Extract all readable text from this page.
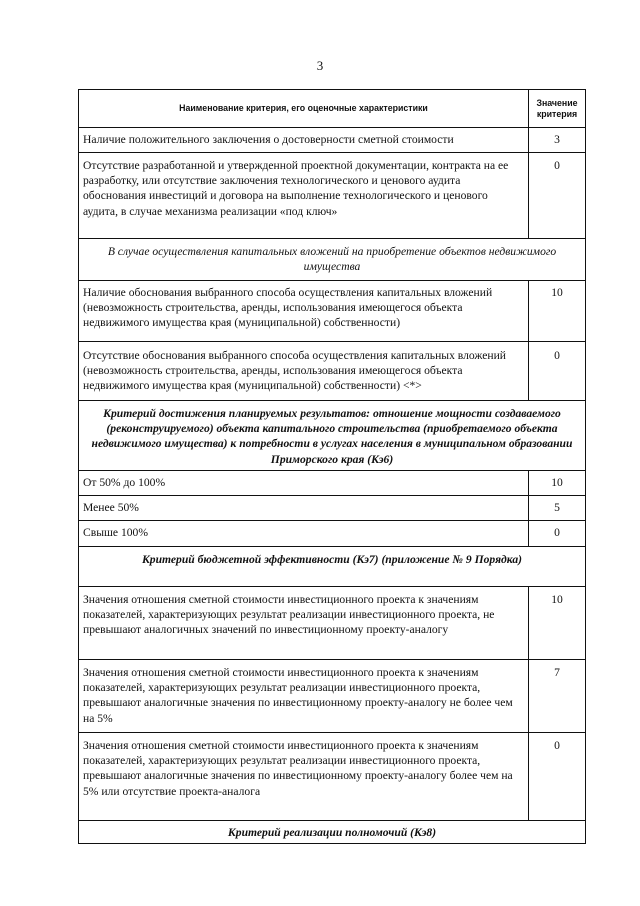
3
Наименование критерия, его оценочные характеристики	Значение критерия
Наличие положительного заключения о достоверности сметной стоимости	3
Отсутствие разработанной и утвержденной проектной документации, контракта на ее разработку, или отсутствие заключения технологического и ценового аудита обоснования инвестиций и договора на выполнение технологического и ценового аудита, в случае механизма реализации «под ключ»	0
В случае осуществления капитальных вложений на приобретение объектов недвижимого имущества	
Наличие обоснования выбранного способа осуществления капитальных вложений (невозможность строительства, аренды, использования имеющегося объекта недвижимого имущества края (муниципальной) собственности)	10
Отсутствие обоснования выбранного способа осуществления капитальных вложений (невозможность строительства, аренды, использования имеющегося объекта недвижимого имущества края (муниципальной) собственности) <*>	0
Критерий достижения планируемых результатов: отношение мощности создаваемого (реконструируемого) объекта капитального строительства (приобретаемого объекта недвижимого имущества) к потребности в услугах населения в муниципальном образовании Приморского края (Кэ6)	
От 50% до 100%	10
Менее 50%	5
Свыше 100%	0
Критерий бюджетной эффективности (Кэ7) (приложение № 9 Порядка)	
Значения отношения сметной стоимости инвестиционного проекта к значениям показателей, характеризующих результат реализации инвестиционного проекта, не превышают аналогичных значений по инвестиционному проекту-аналогу	10
Значения отношения сметной стоимости инвестиционного проекта к значениям показателей, характеризующих результат реализации инвестиционного проекта, превышают аналогичные значения по инвестиционному проекту-аналогу не более чем на 5%	7
Значения отношения сметной стоимости инвестиционного проекта к значениям показателей, характеризующих результат реализации инвестиционного проекта, превышают аналогичные значения по инвестиционному проекту-аналогу более чем на 5% или отсутствие проекта-аналога	0
Критерий реализации полномочий (Кэ8)	
